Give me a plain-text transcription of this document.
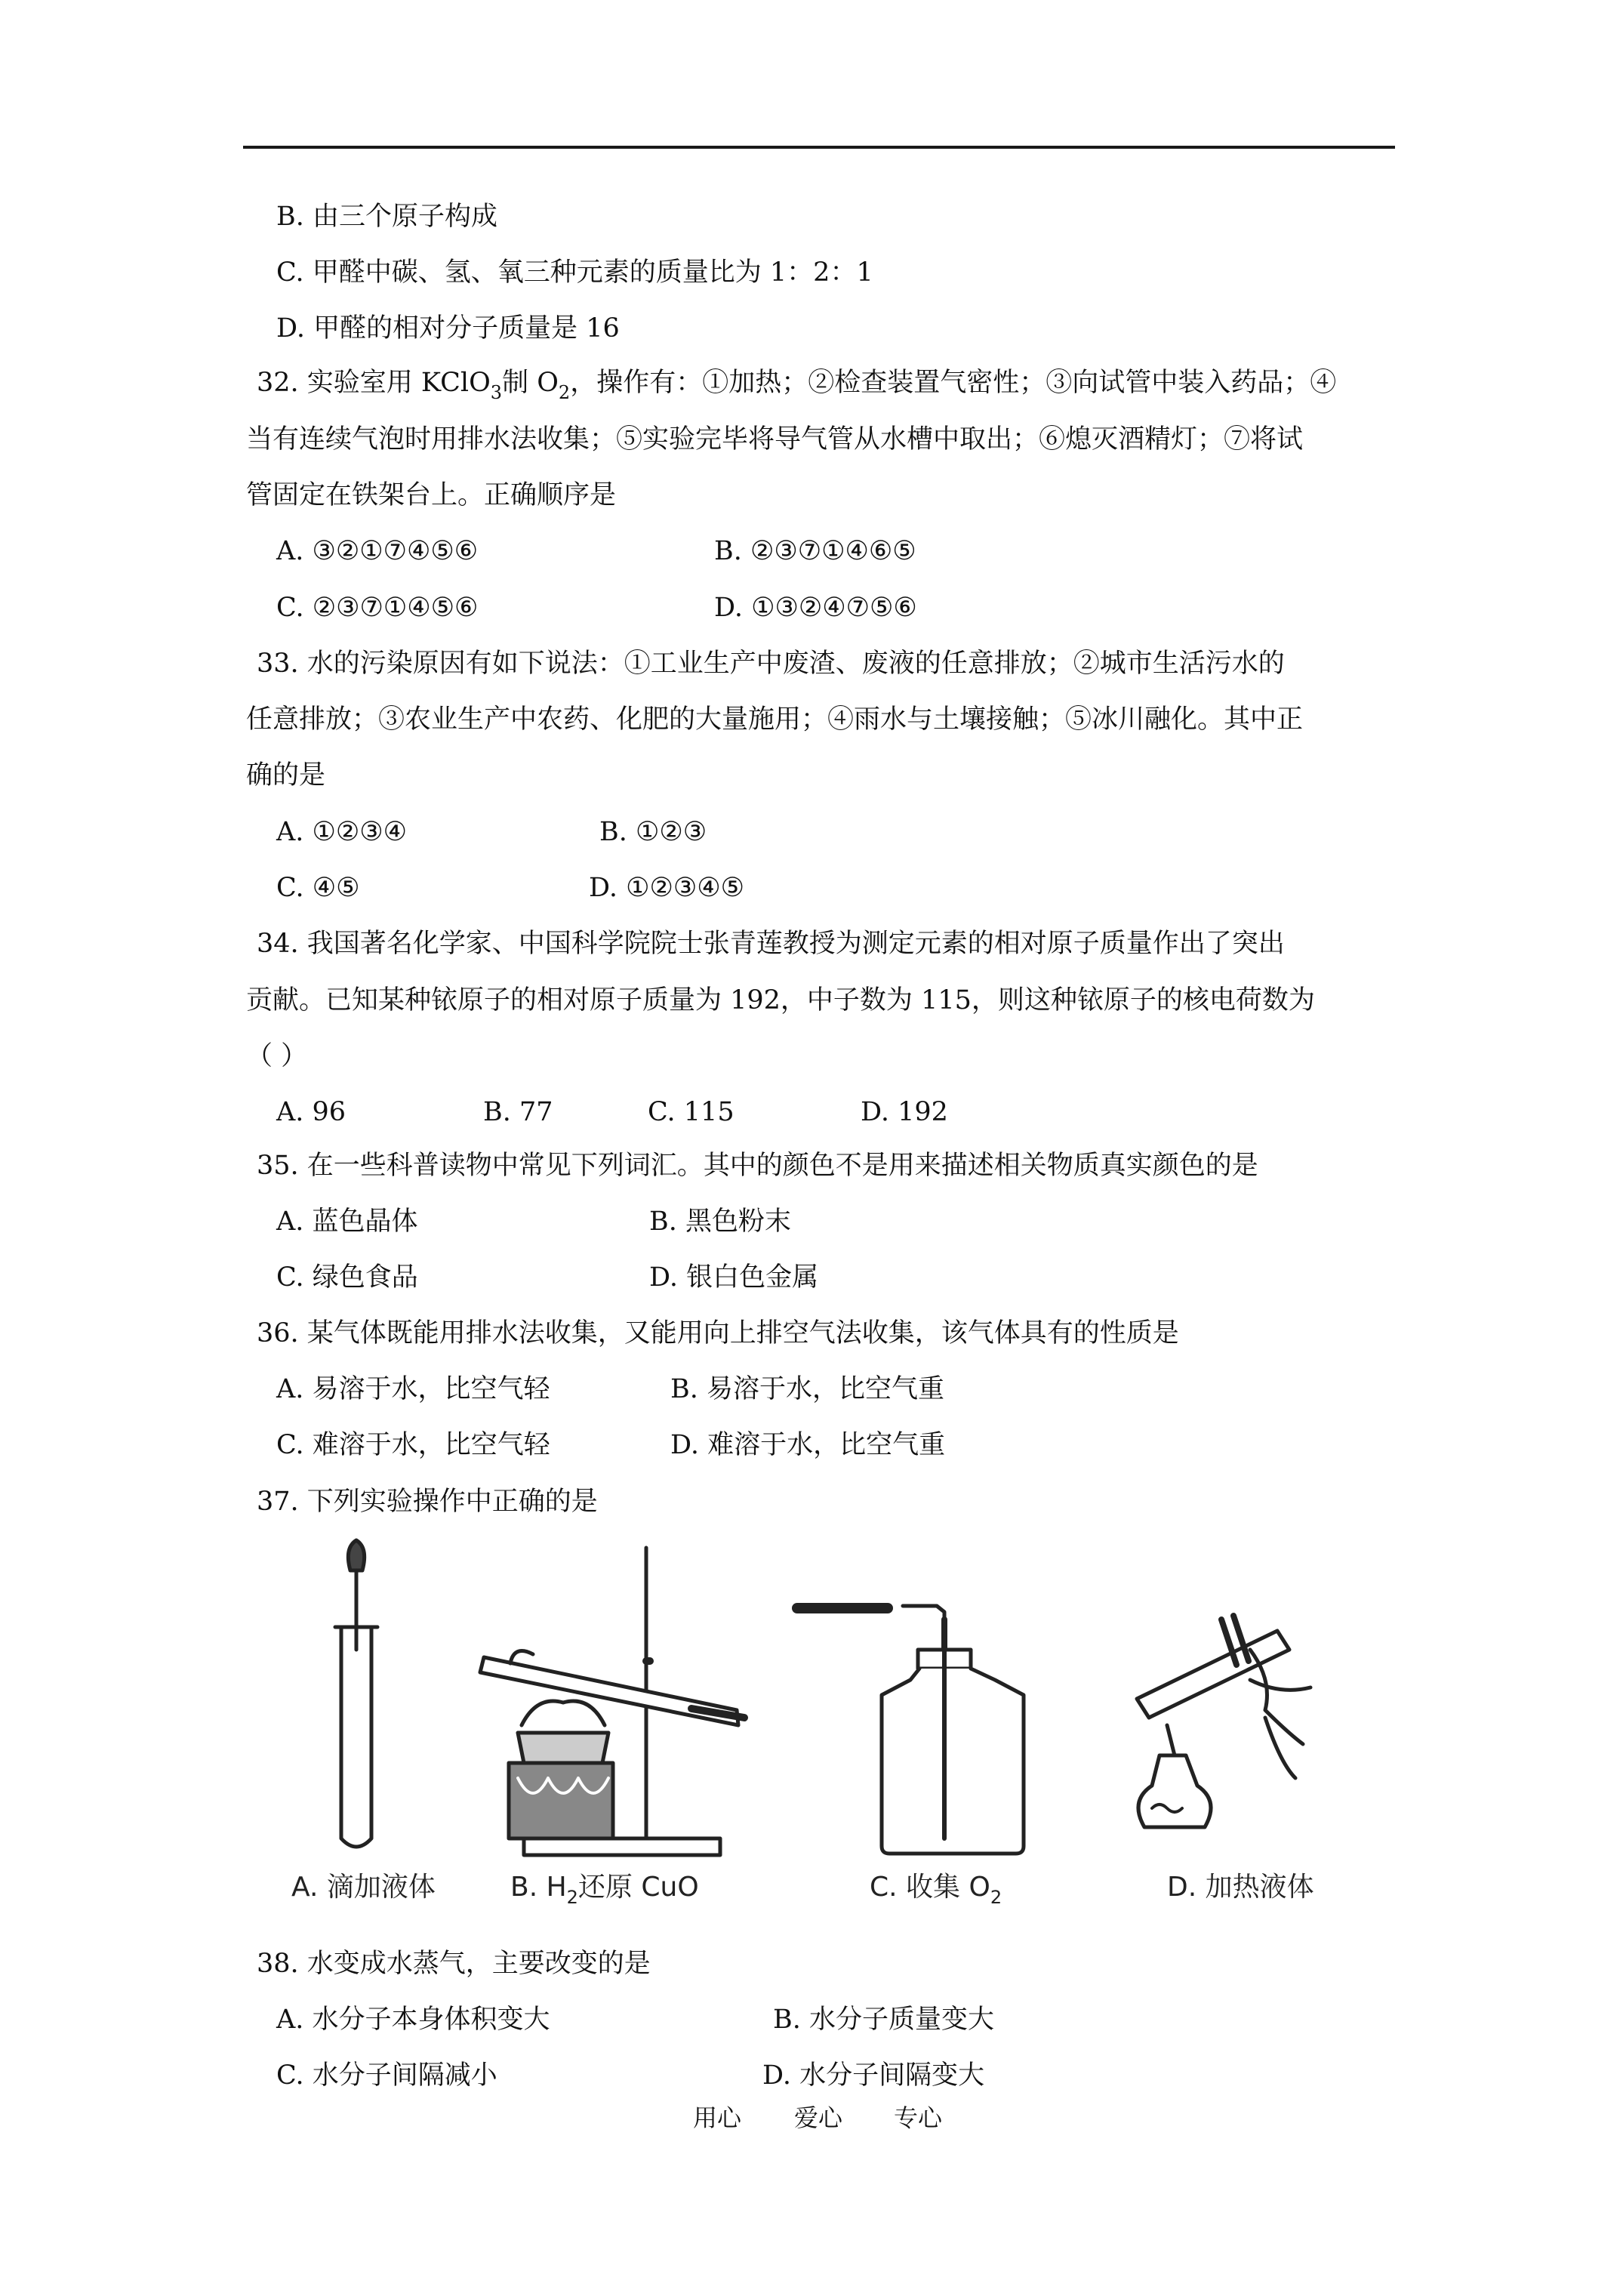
B. 由三个原子构成
C. 甲醛中碳、氢、氧三种元素的质量比为 1：2：1
D. 甲醛的相对分子质量是 16
32. 实验室用 KClO$_3$制 $O_2$，操作有：①加热；②检查装置气密性；③向试管中装入药品；④
当有连续气泡时用排水法收集；⑤实验完毕将导气管从水槽中取出；⑥熄灭酒精灯；⑦将试
管固定在铁架台上。正确顺序是
A. ③②①⑦④⑤⑥	B. ②③⑦①④⑥⑤
C. ②③⑦①④⑤⑥	D. ①③②④⑦⑤⑥
33. 水的污染原因有如下说法：①工业生产中废渣、废液的任意排放；②城市生活污水的
任意排放；③农业生产中农药、化肥的大量施用；④雨水与土壤接触；⑤冰川融化。其中正
确的是
A. ①②③④	B. ①②③
C. ④⑤	D. ①②③④⑤
34. 我国著名化学家、中国科学院院士张青莲教授为测定元素的相对原子质量作出了突出
贡献。已知某种铱原子的相对原子质量为 192，中子数为 115，则这种铱原子的核电荷数为
（ ）
A. 96	B. 77	C. 115	D. 192
35. 在一些科普读物中常见下列词汇。其中的颜色不是用来描述相关物质真实颜色的是
A. 蓝色晶体	B. 黑色粉末
C. 绿色食品	D. 银白色金属
36. 某气体既能用排水法收集，又能用向上排空气法收集，该气体具有的性质是
A. 易溶于水，比空气轻	B. 易溶于水，比空气重
C. 难溶于水，比空气轻	D. 难溶于水，比空气重
37. 下列实验操作中正确的是
A. 滴加液体	B. $H_2$还原 CuO	C. 收集 $O_2$	D. 加热液体
38. 水变成水蒸气，主要改变的是
A. 水分子本身体积变大	B. 水分子质量变大
C. 水分子间隔减小	D. 水分子间隔变大
用心 爱心 专心
